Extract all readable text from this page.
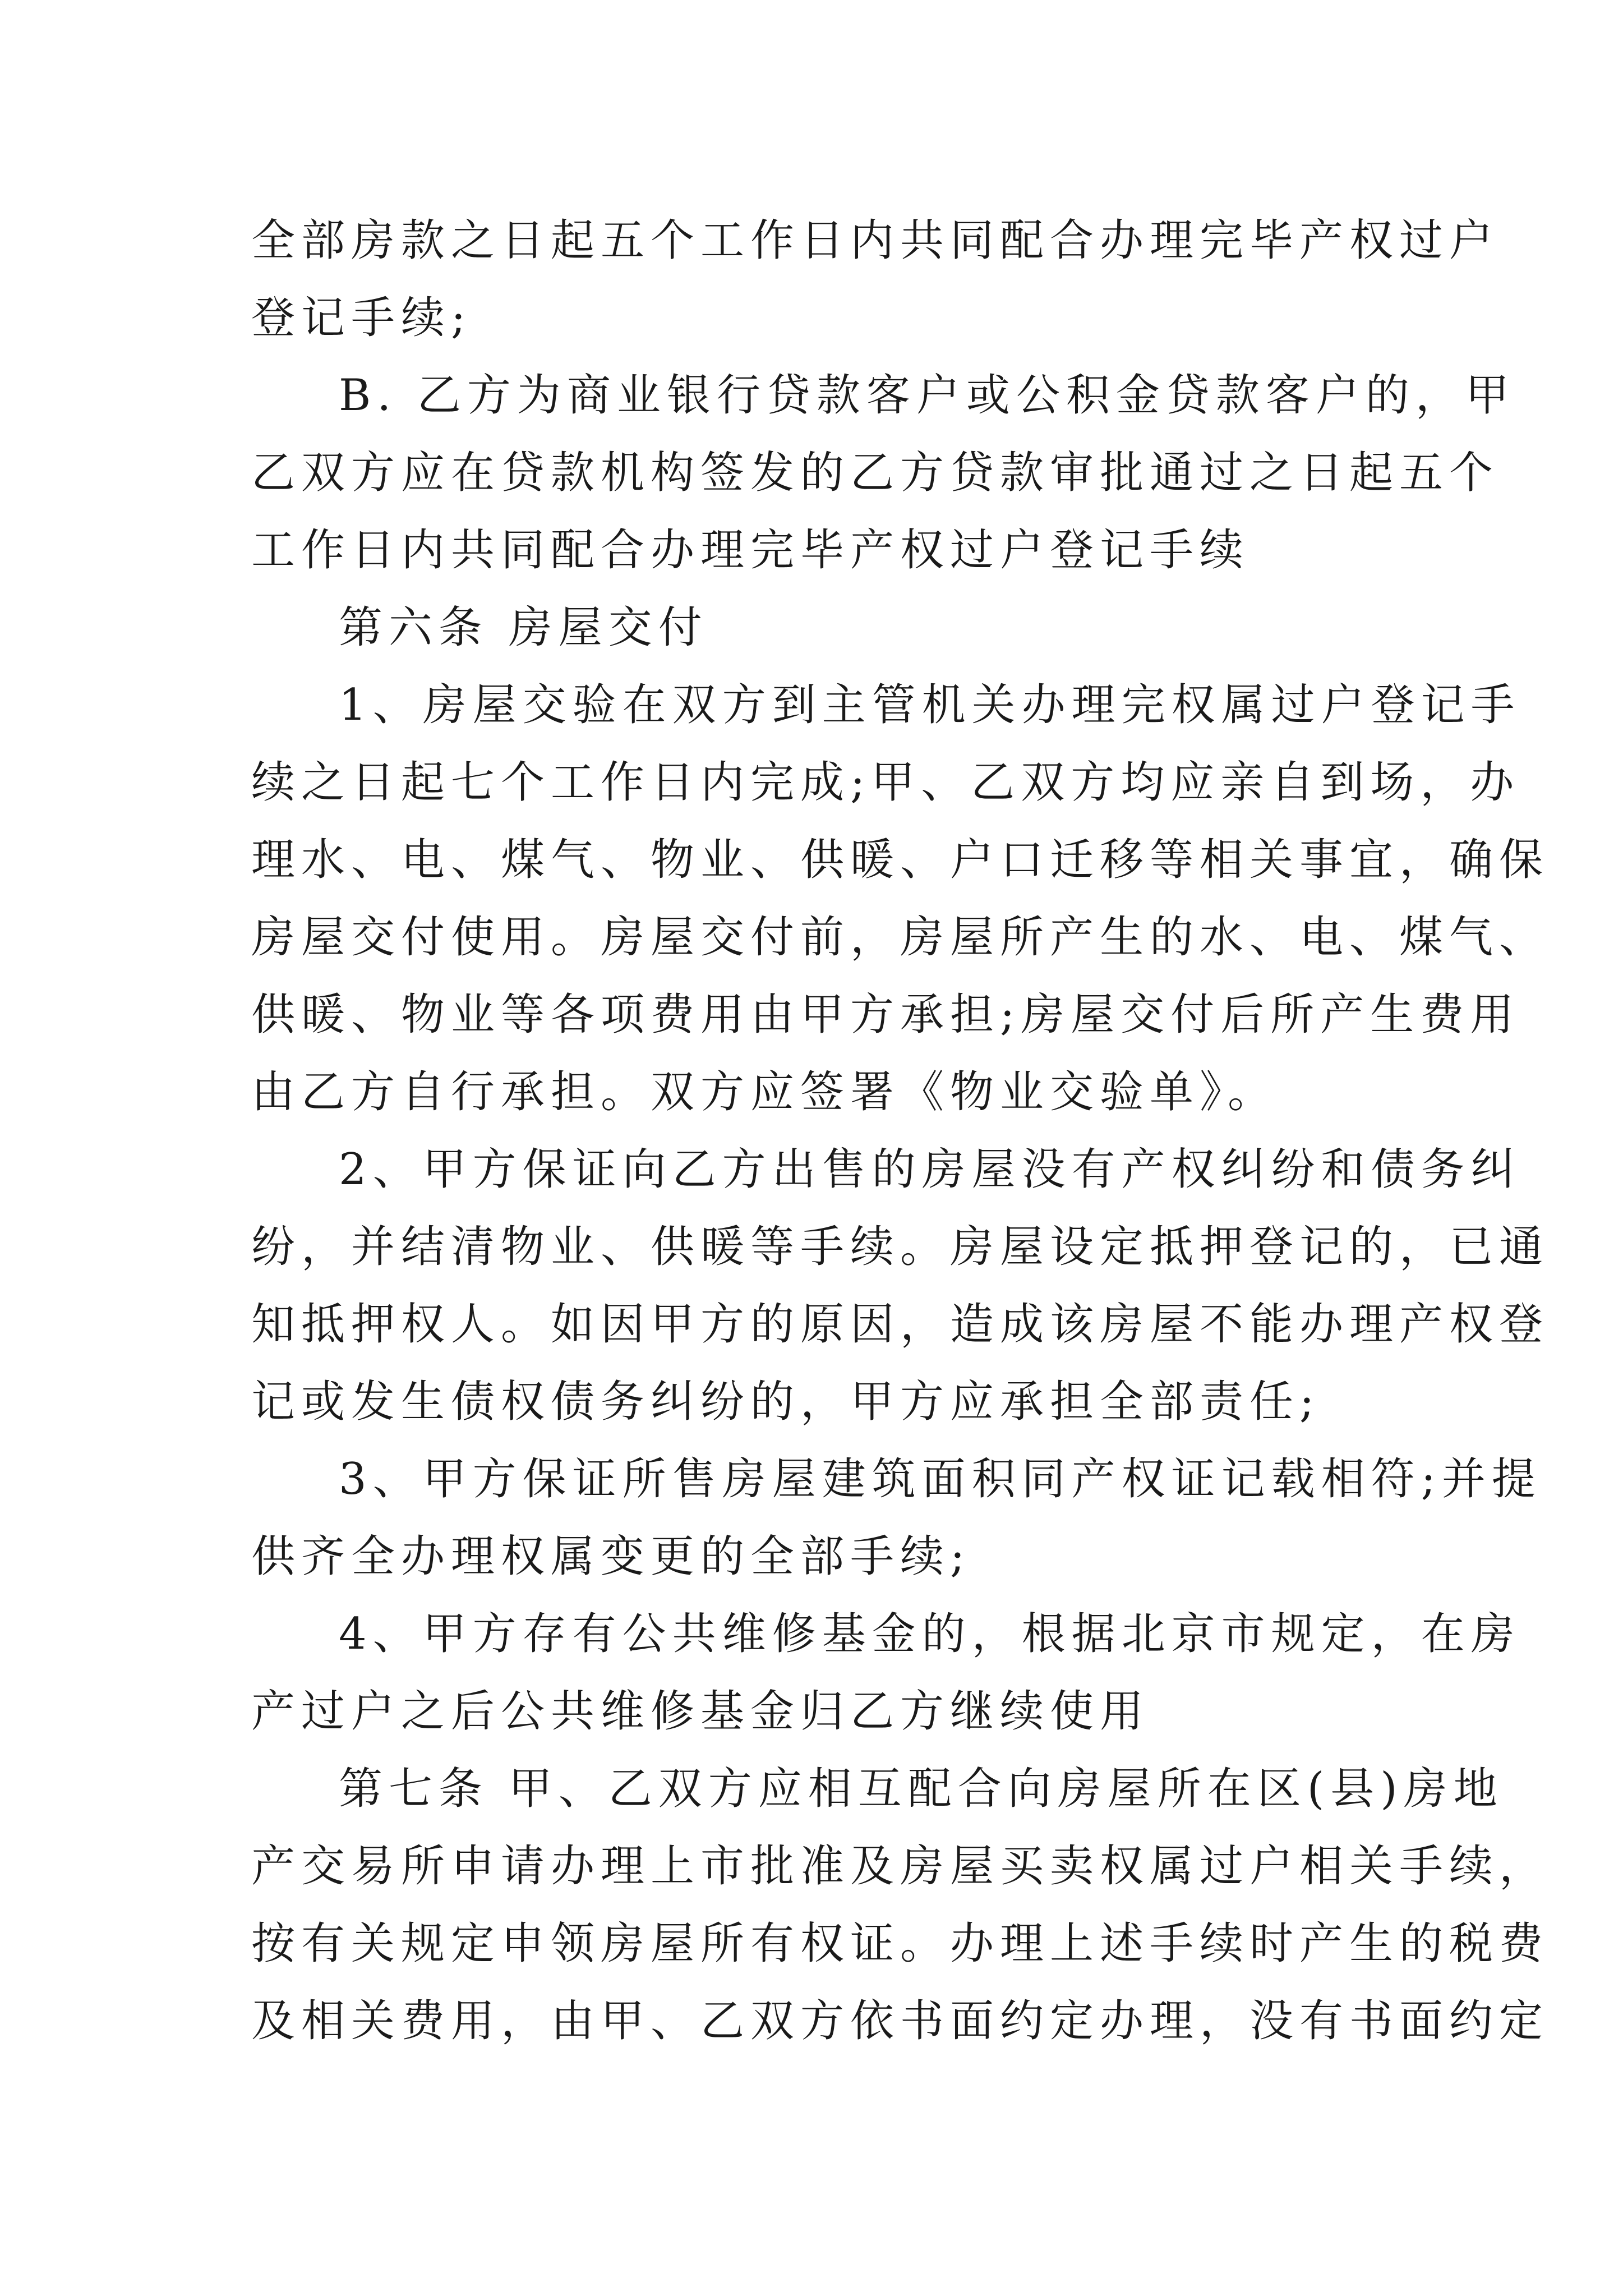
全部房款之日起五个工作日内共同配合办理完毕产权过户
登记手续;
B. 乙方为商业银行贷款客户或公积金贷款客户的，甲
乙双方应在贷款机构签发的乙方贷款审批通过之日起五个
工作日内共同配合办理完毕产权过户登记手续
第六条 房屋交付
1、房屋交验在双方到主管机关办理完权属过户登记手
续之日起七个工作日内完成;甲、乙双方均应亲自到场，办
理水、电、煤气、物业、供暖、户口迁移等相关事宜，确保
房屋交付使用。房屋交付前，房屋所产生的水、电、煤气、
供暖、物业等各项费用由甲方承担;房屋交付后所产生费用
由乙方自行承担。双方应签署《物业交验单》。
2、甲方保证向乙方出售的房屋没有产权纠纷和债务纠
纷，并结清物业、供暖等手续。房屋设定抵押登记的，已通
知抵押权人。如因甲方的原因，造成该房屋不能办理产权登
记或发生债权债务纠纷的，甲方应承担全部责任;
3、甲方保证所售房屋建筑面积同产权证记载相符;并提
供齐全办理权属变更的全部手续;
4、甲方存有公共维修基金的，根据北京市规定，在房
产过户之后公共维修基金归乙方继续使用
第七条 甲、乙双方应相互配合向房屋所在区(县)房地
产交易所申请办理上市批准及房屋买卖权属过户相关手续，
按有关规定申领房屋所有权证。办理上述手续时产生的税费
及相关费用，由甲、乙双方依书面约定办理，没有书面约定
